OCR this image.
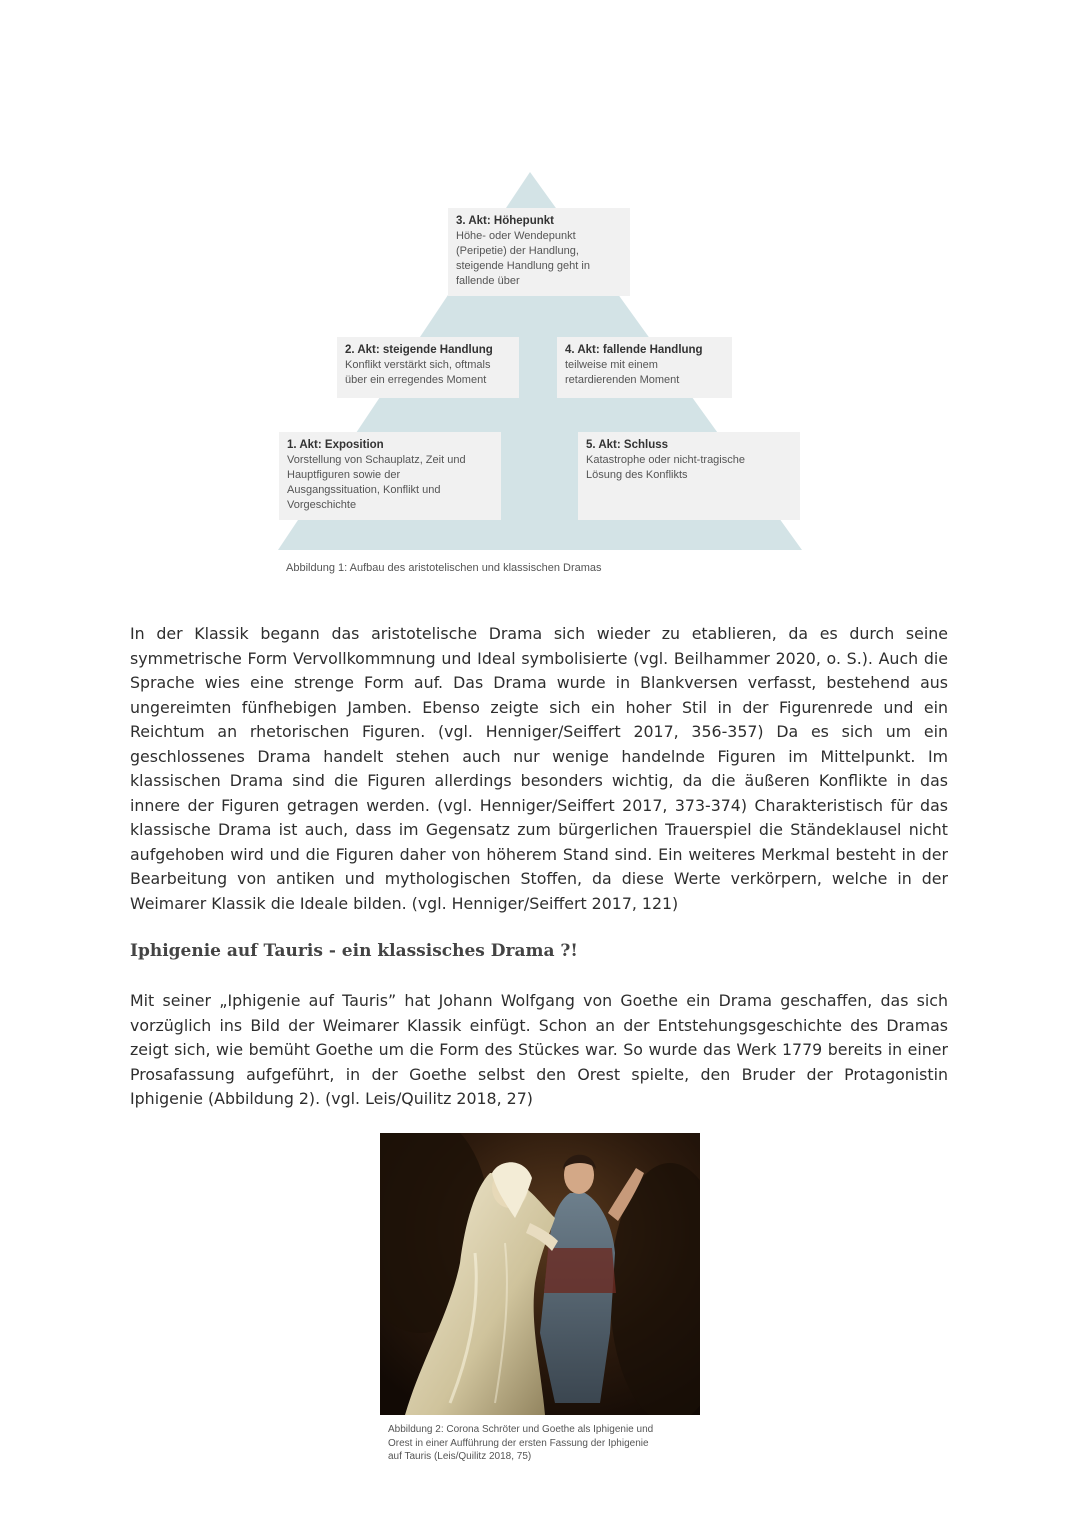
3. Akt: Höhepunkt
Höhe- oder Wendepunkt
(Peripetie) der Handlung,
steigende Handlung geht in
fallende über
2. Akt: steigende Handlung
Konflikt verstärkt sich, oftmals
über ein erregendes Moment
4. Akt: fallende Handlung
teilweise mit einem
retardierenden Moment
1. Akt: Exposition
Vorstellung von Schauplatz, Zeit und
Hauptfiguren sowie der
Ausgangssituation, Konflikt und
Vorgeschichte
5. Akt: Schluss
Katastrophe oder nicht-tragische
Lösung des Konflikts
Abbildung 1: Aufbau des aristotelischen und klassischen Dramas

In der Klassik begann das aristotelische Drama sich wieder zu etablieren, da es durch seine symmetrische Form Vervollkommnung und Ideal symbolisierte (vgl. Beilhammer 2020, o. S.). Auch die Sprache wies eine strenge Form auf. Das Drama wurde in Blankversen verfasst, bestehend aus ungereimten fünfhebigen Jamben. Ebenso zeigte sich ein hoher Stil in der Figurenrede und ein Reichtum an rhetorischen Figuren. (vgl. Henniger/Seiffert 2017, 356-357) Da es sich um ein geschlossenes Drama handelt stehen auch nur wenige handelnde Figuren im Mittelpunkt. Im klassischen Drama sind die Figuren allerdings besonders wichtig, da die äußeren Konflikte in das innere der Figuren getragen werden. (vgl. Henniger/Seiffert 2017, 373-374) Charakteristisch für das klassische Drama ist auch, dass im Gegensatz zum bürgerlichen Trauerspiel die Ständeklausel nicht aufgehoben wird und die Figuren daher von höherem Stand sind. Ein weiteres Merkmal besteht in der Bearbeitung von antiken und mythologischen Stoffen, da diese Werte verkörpern, welche in der Weimarer Klassik die Ideale bilden. (vgl. Henniger/Seiffert 2017, 121)

Iphigenie auf Tauris - ein klassisches Drama ?!

Mit seiner „Iphigenie auf Tauris” hat Johann Wolfgang von Goethe ein Drama geschaffen, das sich vorzüglich ins Bild der Weimarer Klassik einfügt. Schon an der Entstehungsgeschichte des Dramas zeigt sich, wie bemüht Goethe um die Form des Stückes war. So wurde das Werk 1779 bereits in einer Prosafassung aufgeführt, in der Goethe selbst den Orest spielte, den Bruder der Protagonistin Iphigenie (Abbildung 2). (vgl. Leis/Quilitz 2018, 27)

Abbildung 2: Corona Schröter und Goethe als Iphigenie und
Orest in einer Aufführung der ersten Fassung der Iphigenie
auf Tauris (Leis/Quilitz 2018, 75)
